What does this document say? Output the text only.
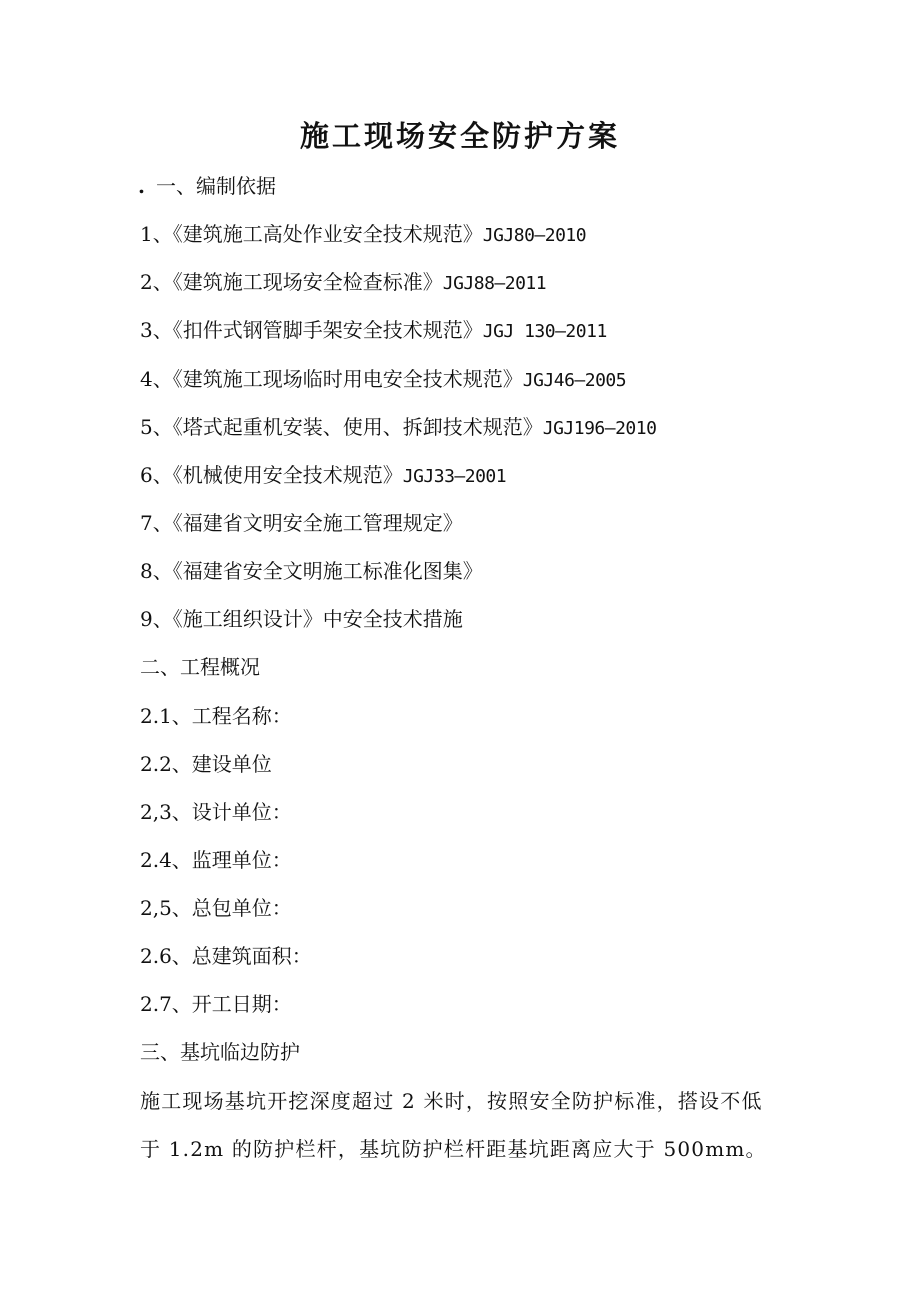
施工现场安全防护方案
. 一、编制依据
1、《建筑施工高处作业安全技术规范》JGJ80—2010
2、《建筑施工现场安全检查标准》JGJ88—2011
3、《扣件式钢管脚手架安全技术规范》JGJ 130—2011
4、《建筑施工现场临时用电安全技术规范》JGJ46—2005
5、《塔式起重机安装、使用、拆卸技术规范》JGJ196—2010
6、《机械使用安全技术规范》JGJ33—2001
7、《福建省文明安全施工管理规定》
8、《福建省安全文明施工标准化图集》
9、《施工组织设计》中安全技术措施
二、工程概况
2.1、工程名称：
2.2、建设单位
2,3、设计单位：
2.4、监理单位：
2,5、总包单位：
2.6、总建筑面积：
2.7、开工日期：
三、基坑临边防护
施工现场基坑开挖深度超过 2 米时，按照安全防护标准，搭设不低于 1.2m 的防护栏杆，基坑防护栏杆距基坑距离应大于 500mm。
